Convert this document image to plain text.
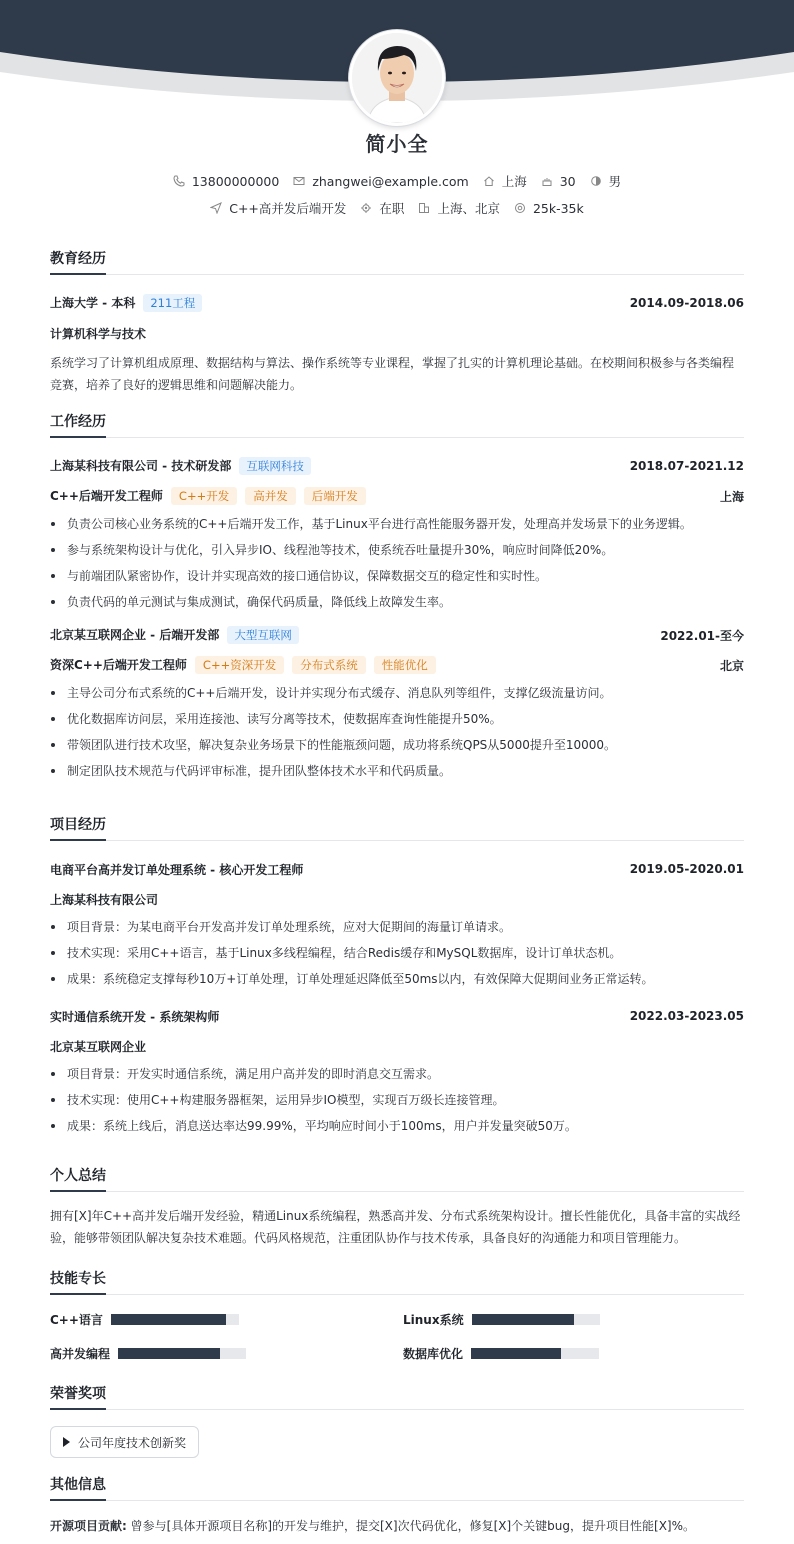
简小全
13800000000	zhangwei@example.com	上海	30	男
C++高并发后端开发	在职	上海、北京	25k-35k
教育经历
上海大学 - 本科 211工程	2014.09-2018.06
计算机科学与技术
系统学习了计算机组成原理、数据结构与算法、操作系统等专业课程，掌握了扎实的计算机理论基础。在校期间积极参与各类编程竞赛，培养了良好的逻辑思维和问题解决能力。
工作经历
上海某科技有限公司 - 技术研发部 互联网科技	2018.07-2021.12
C++后端开发工程师 C++开发 高并发 后端开发	上海
负责公司核心业务系统的C++后端开发工作，基于Linux平台进行高性能服务器开发，处理高并发场景下的业务逻辑。
参与系统架构设计与优化，引入异步IO、线程池等技术，使系统吞吐量提升30%，响应时间降低20%。
与前端团队紧密协作，设计并实现高效的接口通信协议，保障数据交互的稳定性和实时性。
负责代码的单元测试与集成测试，确保代码质量，降低线上故障发生率。
北京某互联网企业 - 后端开发部 大型互联网	2022.01-至今
资深C++后端开发工程师 C++资深开发 分布式系统 性能优化	北京
主导公司分布式系统的C++后端开发，设计并实现分布式缓存、消息队列等组件，支撑亿级流量访问。
优化数据库访问层，采用连接池、读写分离等技术，使数据库查询性能提升50%。
带领团队进行技术攻坚，解决复杂业务场景下的性能瓶颈问题，成功将系统QPS从5000提升至10000。
制定团队技术规范与代码评审标准，提升团队整体技术水平和代码质量。
项目经历
电商平台高并发订单处理系统 - 核心开发工程师	2019.05-2020.01
上海某科技有限公司
项目背景：为某电商平台开发高并发订单处理系统，应对大促期间的海量订单请求。
技术实现：采用C++语言，基于Linux多线程编程，结合Redis缓存和MySQL数据库，设计订单状态机。
成果：系统稳定支撑每秒10万+订单处理，订单处理延迟降低至50ms以内，有效保障大促期间业务正常运转。
实时通信系统开发 - 系统架构师	2022.03-2023.05
北京某互联网企业
项目背景：开发实时通信系统，满足用户高并发的即时消息交互需求。
技术实现：使用C++构建服务器框架，运用异步IO模型，实现百万级长连接管理。
成果：系统上线后，消息送达率达99.99%，平均响应时间小于100ms，用户并发量突破50万。
个人总结
拥有[X]年C++高并发后端开发经验，精通Linux系统编程，熟悉高并发、分布式系统架构设计。擅长性能优化，具备丰富的实战经验，能够带领团队解决复杂技术难题。代码风格规范，注重团队协作与技术传承，具备良好的沟通能力和项目管理能力。
技能专长
C++语言	Linux系统
高并发编程	数据库优化
荣誉奖项
公司年度技术创新奖
其他信息
开源项目贡献: 曾参与[具体开源项目名称]的开发与维护，提交[X]次代码优化，修复[X]个关键bug，提升项目性能[X]%。
